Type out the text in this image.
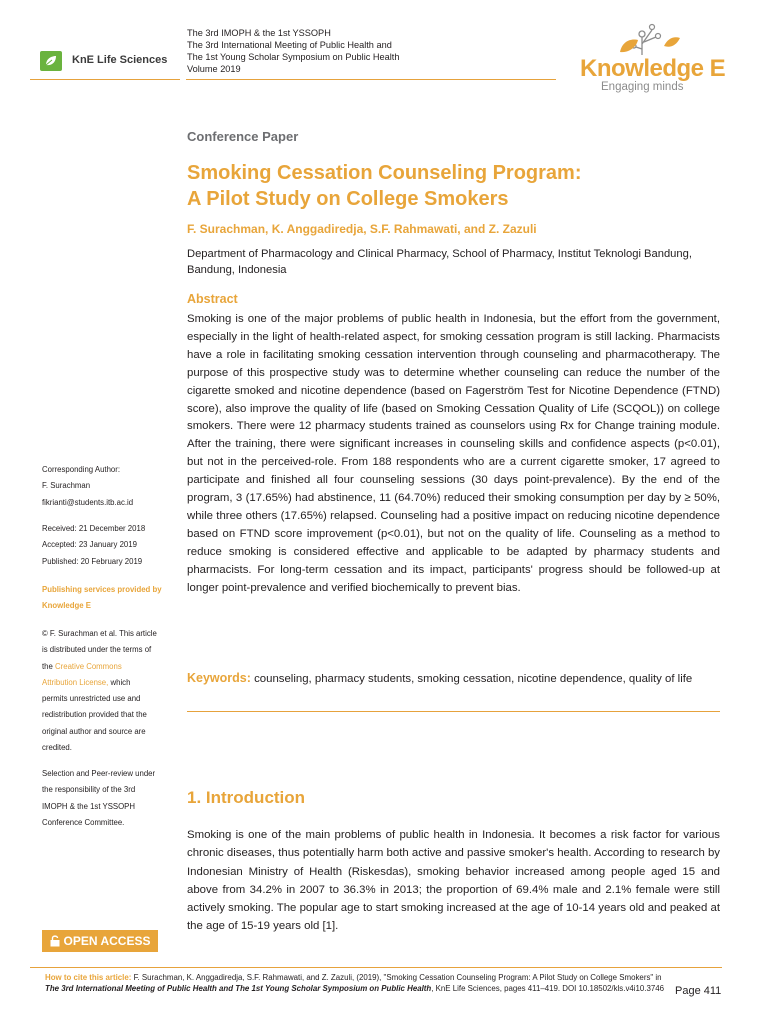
KnE Life Sciences
The 3rd IMOPH & the 1st YSSOPH
The 3rd International Meeting of Public Health and
The 1st Young Scholar Symposium on Public Health
Volume 2019	Knowledge E
Engaging minds
Conference Paper
Smoking Cessation Counseling Program:
A Pilot Study on College Smokers
F. Surachman, K. Anggadiredja, S.F. Rahmawati, and Z. Zazuli
Department of Pharmacology and Clinical Pharmacy, School of Pharmacy, Institut Teknologi Bandung, Bandung, Indonesia
Abstract
Smoking is one of the major problems of public health in Indonesia, but the effort from the government, especially in the light of health-related aspect, for smoking cessation program is still lacking. Pharmacists have a role in facilitating smoking cessation intervention through counseling and pharmacotherapy. The purpose of this prospective study was to determine whether counseling can reduce the number of the cigarette smoked and nicotine dependence (based on Fagerström Test for Nicotine Dependence (FTND) score), also improve the quality of life (based on Smoking Cessation Quality of Life (SCQOL)) on college smokers. There were 12 pharmacy students trained as counselors using Rx for Change training module. After the training, there were significant increases in counseling skills and confidence aspects (p<0.01), but not in the perceived-role. From 188 respondents who are a current cigarette smoker, 17 agreed to participate and finished all four counseling sessions (30 days point-prevalence). By the end of the program, 3 (17.65%) had abstinence, 11 (64.70%) reduced their smoking consumption per day by ≥ 50%, while three others (17.65%) relapsed. Counseling had a positive impact on reducing nicotine dependence based on FTND score improvement (p<0.01), but not on the quality of life. Counseling as a method to reduce smoking is considered effective and applicable to be adapted by pharmacy students and pharmacists. For long-term cessation and its impact, participants' progress should be followed-up at longer point-prevalence and verified biochemically to prevent bias.
Keywords: counseling, pharmacy students, smoking cessation, nicotine dependence, quality of life
1. Introduction
Smoking is one of the main problems of public health in Indonesia. It becomes a risk factor for various chronic diseases, thus potentially harm both active and passive smoker's health. According to research by Indonesian Ministry of Health (Riskesdas), smoking behavior increased among people aged 15 and above from 34.2% in 2007 to 36.3% in 2013; the proportion of 69.4% male and 2.1% female were still actively smoking. The popular age to start smoking increased at the age of 10-14 years old and peaked at the age of 15-19 years old [1].
Corresponding Author:
F. Surachman
fikrianti@students.itb.ac.id
Received: 21 December 2018
Accepted: 23 January 2019
Published: 20 February 2019
Publishing services provided by
Knowledge E
© F. Surachman et al. This article
is distributed under the terms of
the Creative Commons
Attribution License, which
permits unrestricted use and
redistribution provided that the
original author and source are
credited.
Selection and Peer-review under
the responsibility of the 3rd
IMOPH & the 1st YSSOPH
Conference Committee.
OPEN ACCESS
How to cite this article: F. Surachman, K. Anggadiredja, S.F. Rahmawati, and Z. Zazuli, (2019), "Smoking Cessation Counseling Program: A Pilot Study on College Smokers" in The 3rd International Meeting of Public Health and The 1st Young Scholar Symposium on Public Health, KnE Life Sciences, pages 411–419. DOI 10.18502/kls.v4i10.3746 Page 411
